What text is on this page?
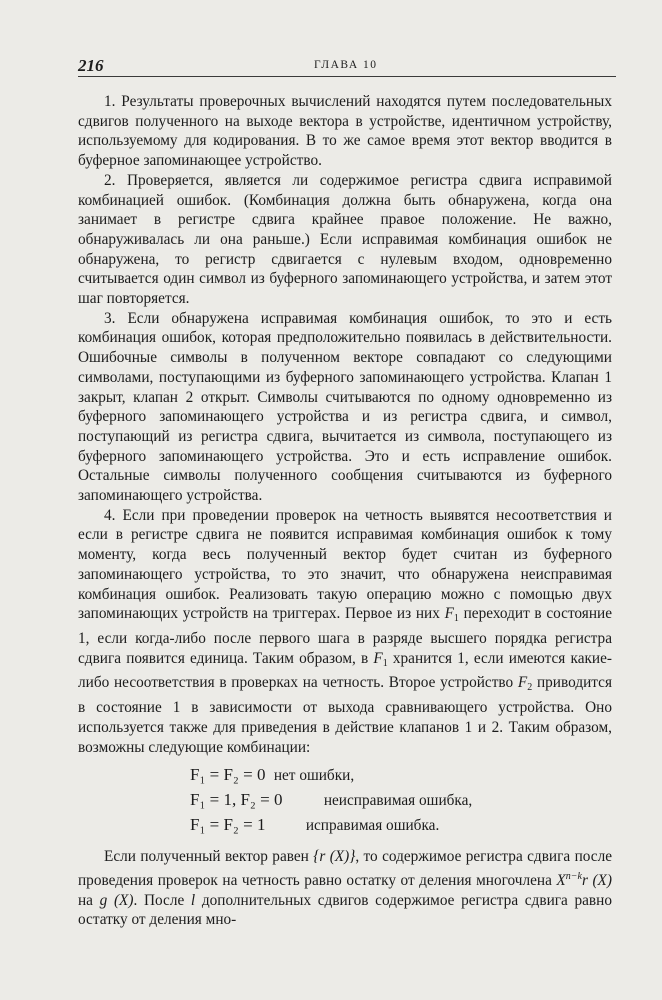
216	ГЛАВА 10

1. Результаты проверочных вычислений находятся путем последовательных сдвигов полученного на выходе вектора в устройстве, идентичном устройству, используемому для кодирования. В то же самое время этот вектор вводится в буферное запоминающее устройство.

2. Проверяется, является ли содержимое регистра сдвига исправимой комбинацией ошибок. (Комбинация должна быть обнаружена, когда она занимает в регистре сдвига крайнее правое положение. Не важно, обнаруживалась ли она раньше.) Если исправимая комбинация ошибок не обнаружена, то регистр сдвигается с нулевым входом, одновременно считывается один символ из буферного запоминающего устройства, и затем этот шаг повторяется.

3. Если обнаружена исправимая комбинация ошибок, то это и есть комбинация ошибок, которая предположительно появилась в действительности. Ошибочные символы в полученном векторе совпадают со следующими символами, поступающими из буферного запоминающего устройства. Клапан 1 закрыт, клапан 2 открыт. Символы считываются по одному одновременно из буферного запоминающего устройства и из регистра сдвига, и символ, поступающий из регистра сдвига, вычитается из символа, поступающего из буферного запоминающего устройства. Это и есть исправление ошибок. Остальные символы полученного сообщения считываются из буферного запоминающего устройства.

4. Если при проведении проверок на четность выявятся несоответствия и если в регистре сдвига не появится исправимая комбинация ошибок к тому моменту, когда весь полученный вектор будет считан из буферного запоминающего устройства, то это значит, что обнаружена неисправимая комбинация ошибок. Реализовать такую операцию можно с помощью двух запоминающих устройств на триггерах. Первое из них $F_1$ переходит в состояние 1, если когда-либо после первого шага в разряде высшего порядка регистра сдвига появится единица. Таким образом, в $F_1$ хранится 1, если имеются какие-либо несоответствия в проверках на четность. Второе устройство $F_2$ приводится в состояние 1 в зависимости от выхода сравнивающего устройства. Оно используется также для приведения в действие клапанов 1 и 2. Таким образом, возможны следующие комбинации:

F₁ = F₂ = 0 нет ошибки,
F₁ = 1, F₂ = 0	неисправимая ошибка,
F₁ = F₂ = 1	исправимая ошибка.

Если полученный вектор равен {r (X)}, то содержимое регистра сдвига после проведения проверок на четность равно остатку от деления многочлена $X^{n-k}r$ (X) на g (X). После l дополнительных сдвигов содержимое регистра сдвига равно остатку от деления мно-
